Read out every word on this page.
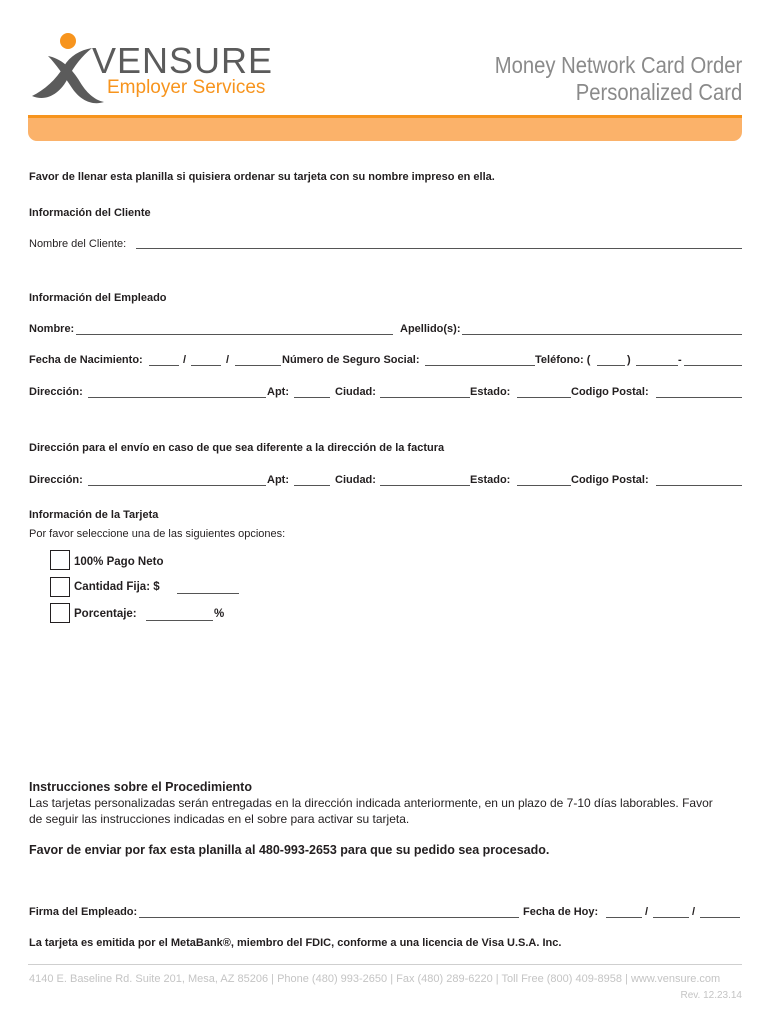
VENSURE
Employer Services
Money Network Card Order
Personalized Card
Favor de llenar esta planilla si quisiera ordenar su tarjeta con su nombre impreso en ella.
Información del Cliente
Nombre del Cliente:
Información del Empleado
Nombre:	Apellido(s):
Fecha de Nacimiento:	/	/	Número de Seguro Social:	Teléfono: (	)	-
Dirección:	Apt:	Ciudad:	Estado:	Codigo Postal:
Dirección para el envío en caso de que sea diferente a la dirección de la factura
Dirección:	Apt:	Ciudad:	Estado:	Codigo Postal:
Información de la Tarjeta
Por favor seleccione una de las siguientes opciones:
100% Pago Neto
Cantidad Fija: $
Porcentaje:	%
Instrucciones sobre el Procedimiento
Las tarjetas personalizadas serán entregadas en la dirección indicada anteriormente, en un plazo de 7-10 días laborables. Favor
de seguir las instrucciones indicadas en el sobre para activar su tarjeta.
Favor de enviar por fax esta planilla al 480-993-2653 para que su pedido sea procesado.
Firma del Empleado:	Fecha de Hoy:	/	/
La tarjeta es emitida por el MetaBank®, miembro del FDIC, conforme a una licencia de Visa U.S.A. Inc.
4140 E. Baseline Rd. Suite 201, Mesa, AZ 85206 | Phone (480) 993-2650 | Fax (480) 289-6220 | Toll Free (800) 409-8958 | www.vensure.com
Rev. 12.23.14
